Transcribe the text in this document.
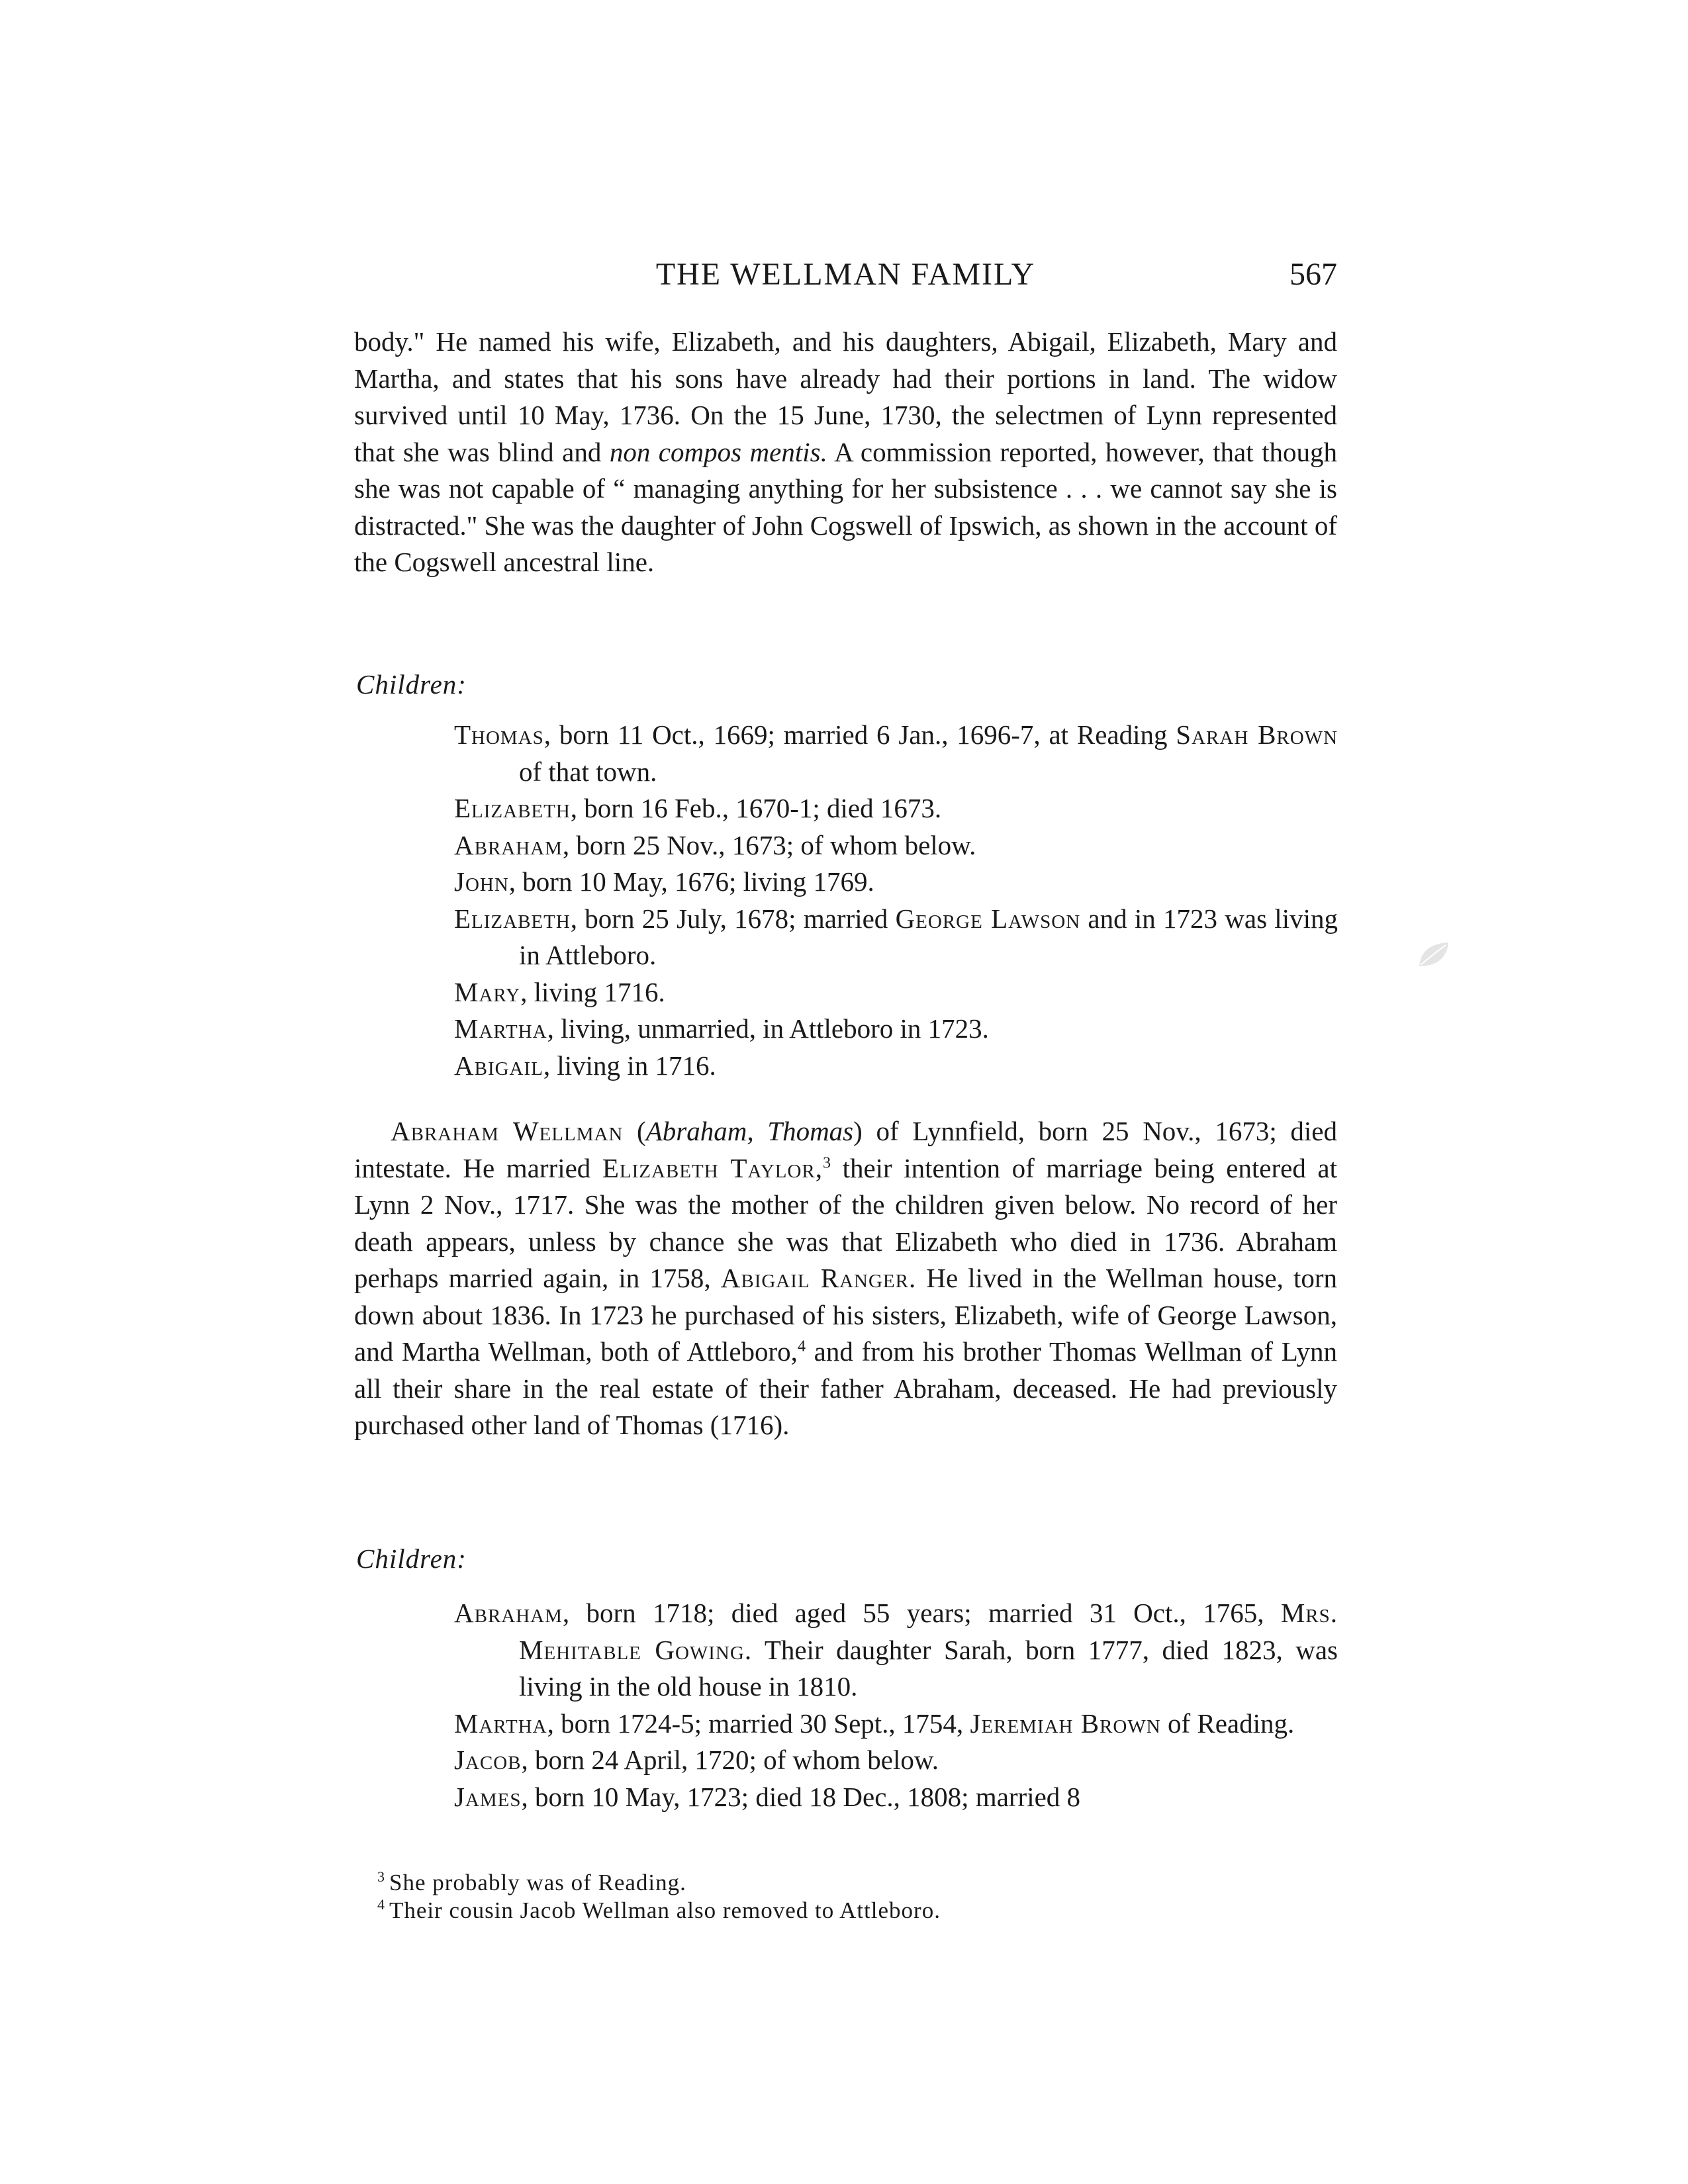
THE WELLMAN FAMILY	567

body." He named his wife, Elizabeth, and his daughters, Abigail, Elizabeth, Mary and Martha, and states that his sons have already had their portions in land. The widow survived until 10 May, 1736. On the 15 June, 1730, the selectmen of Lynn represented that she was blind and non compos mentis. A commission reported, however, that though she was not capable of “ managing anything for her subsistence . . . we cannot say she is distracted." She was the daughter of John Cogswell of Ipswich, as shown in the account of the Cogswell ancestral line.

Children:
Thomas, born 11 Oct., 1669; married 6 Jan., 1696-7, at Reading Sarah Brown of that town.
Elizabeth, born 16 Feb., 1670-1; died 1673.
Abraham, born 25 Nov., 1673; of whom below.
John, born 10 May, 1676; living 1769.
Elizabeth, born 25 July, 1678; married George Lawson and in 1723 was living in Attleboro.
Mary, living 1716.
Martha, living, unmarried, in Attleboro in 1723.
Abigail, living in 1716.

Abraham Wellman (Abraham, Thomas) of Lynnfield, born 25 Nov., 1673; died intestate. He married Elizabeth Taylor,$^3$ their intention of marriage being entered at Lynn 2 Nov., 1717. She was the mother of the children given below. No record of her death appears, unless by chance she was that Elizabeth who died in 1736. Abraham perhaps married again, in 1758, Abigail Ranger. He lived in the Wellman house, torn down about 1836. In 1723 he purchased of his sisters, Elizabeth, wife of George Lawson, and Martha Wellman, both of Attleboro,$^4$ and from his brother Thomas Wellman of Lynn all their share in the real estate of their father Abraham, deceased. He had previously purchased other land of Thomas (1716).

Children:
Abraham, born 1718; died aged 55 years; married 31 Oct., 1765, Mrs. Mehitable Gowing. Their daughter Sarah, born 1777, died 1823, was living in the old house in 1810.
Martha, born 1724-5; married 30 Sept., 1754, Jeremiah Brown of Reading.
Jacob, born 24 April, 1720; of whom below.
James, born 10 May, 1723; died 18 Dec., 1808; married 8
$^3$ She probably was of Reading.
$^4$ Their cousin Jacob Wellman also removed to Attleboro.
